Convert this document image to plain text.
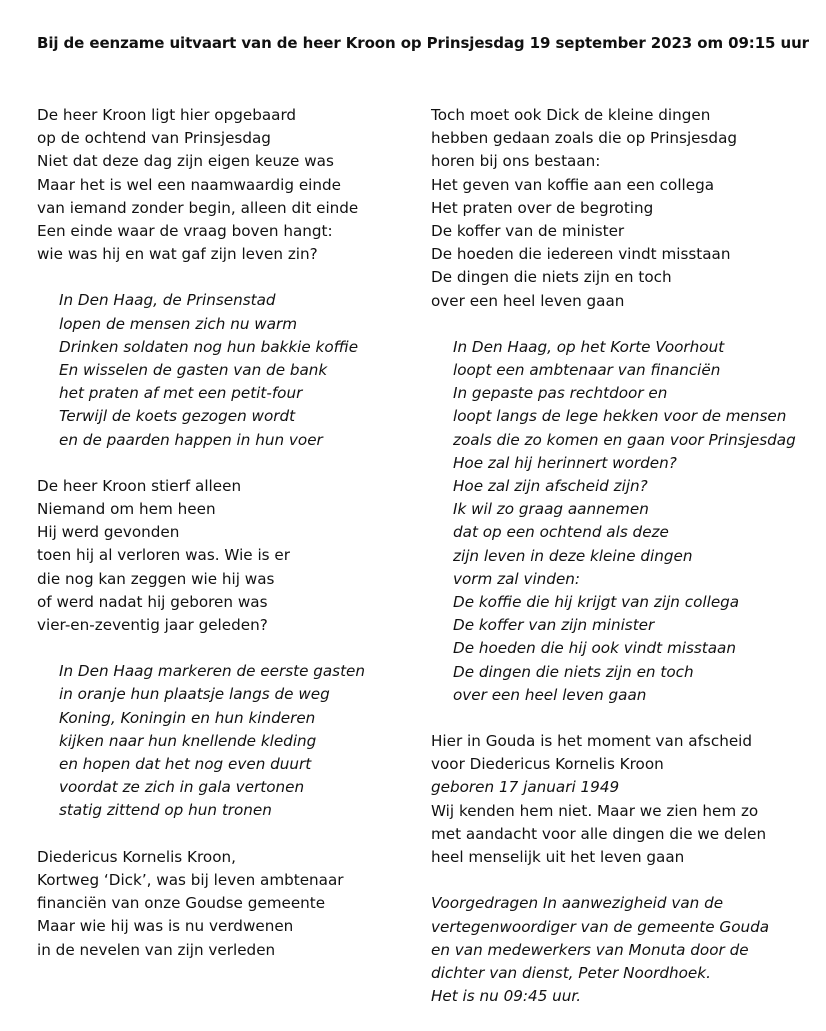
Bij de eenzame uitvaart van de heer Kroon op Prinsjesdag 19 september 2023 om 09:15 uur
De heer Kroon ligt hier opgebaard
op de ochtend van Prinsjesdag
Niet dat deze dag zijn eigen keuze was
Maar het is wel een naamwaardig einde
van iemand zonder begin, alleen dit einde
Een einde waar de vraag boven hangt:
wie was hij en wat gaf zijn leven zin?
In Den Haag, de Prinsenstad
lopen de mensen zich nu warm
Drinken soldaten nog hun bakkie koffie
En wisselen de gasten van de bank
het praten af met een petit-four
Terwijl de koets gezogen wordt
en de paarden happen in hun voer
De heer Kroon stierf alleen
Niemand om hem heen
Hij werd gevonden
toen hij al verloren was. Wie is er
die nog kan zeggen wie hij was
of werd nadat hij geboren was
vier-en-zeventig jaar geleden?
In Den Haag markeren de eerste gasten
in oranje hun plaatsje langs de weg
Koning, Koningin en hun kinderen
kijken naar hun knellende kleding
en hopen dat het nog even duurt
voordat ze zich in gala vertonen
statig zittend op hun tronen
Diedericus Kornelis Kroon,
Kortweg ‘Dick’, was bij leven ambtenaar
financiën van onze Goudse gemeente
Maar wie hij was is nu verdwenen
in de nevelen van zijn verleden
Toch moet ook Dick de kleine dingen
hebben gedaan zoals die op Prinsjesdag
horen bij ons bestaan:
Het geven van koffie aan een collega
Het praten over de begroting
De koffer van de minister
De hoeden die iedereen vindt misstaan
De dingen die niets zijn en toch
over een heel leven gaan
In Den Haag, op het Korte Voorhout
loopt een ambtenaar van financiën
In gepaste pas rechtdoor en
loopt langs de lege hekken voor de mensen
zoals die zo komen en gaan voor Prinsjesdag
Hoe zal hij herinnert worden?
Hoe zal zijn afscheid zijn?
Ik wil zo graag aannemen
dat op een ochtend als deze
zijn leven in deze kleine dingen
vorm zal vinden:
De koffie die hij krijgt van zijn collega
De koffer van zijn minister
De hoeden die hij ook vindt misstaan
De dingen die niets zijn en toch
over een heel leven gaan
Hier in Gouda is het moment van afscheid
voor Diedericus Kornelis Kroon
geboren 17 januari 1949
Wij kenden hem niet. Maar we zien hem zo
met aandacht voor alle dingen die we delen
heel menselijk uit het leven gaan
Voorgedragen In aanwezigheid van de
vertegenwoordiger van de gemeente Gouda
en van medewerkers van Monuta door de
dichter van dienst, Peter Noordhoek.
Het is nu 09:45 uur.
